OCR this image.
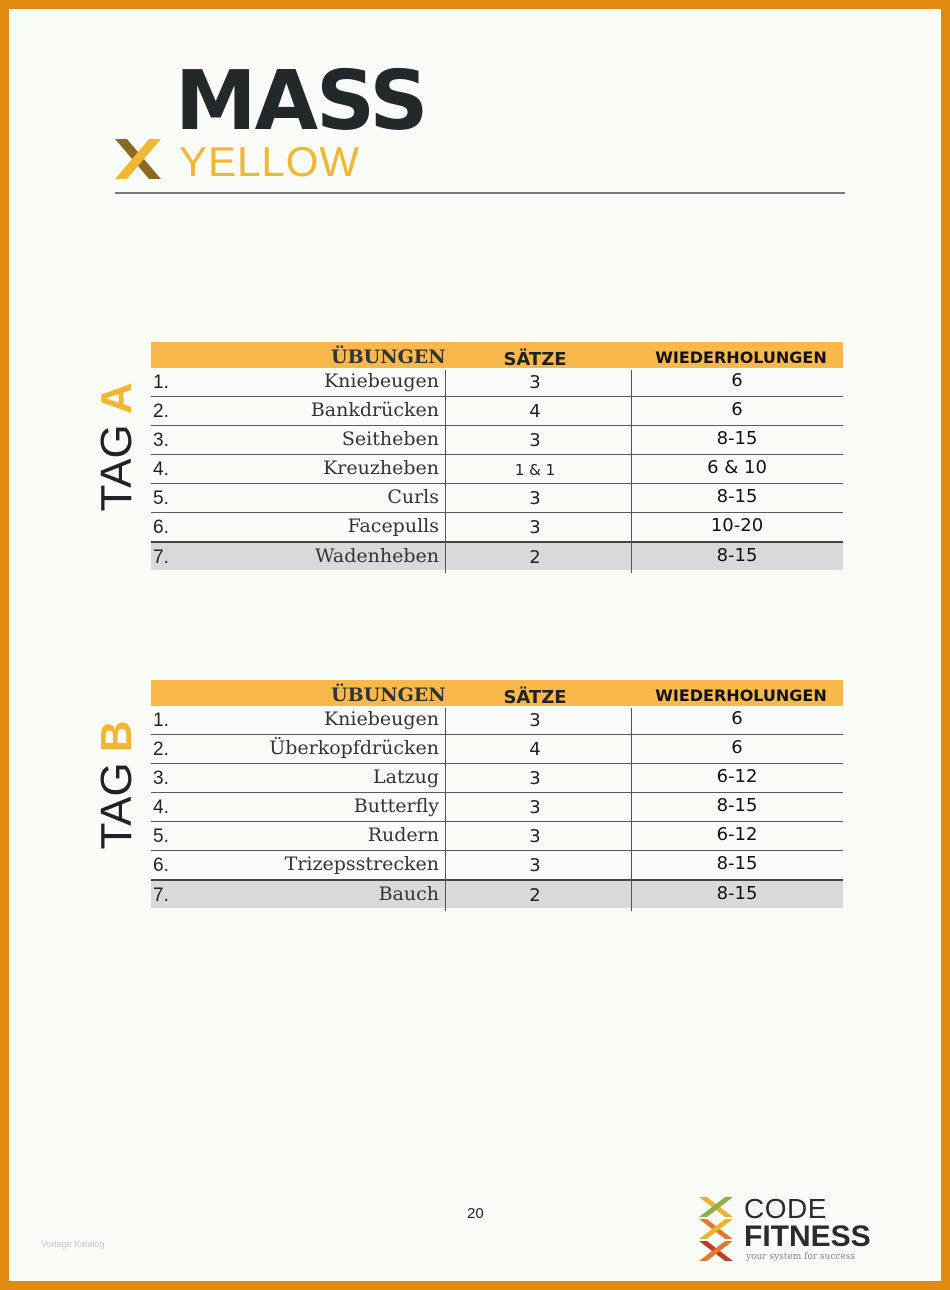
MASS
YELLOW
TAGA
ÜBUNGEN	SÄTZE	WIEDERHOLUNGEN
1.	Kniebeugen	3	6
2.	Bankdrücken	4	6
3.	Seitheben	3	8-15
4.	Kreuzheben	1 & 1	6 & 10
5.	Curls	3	8-15
6.	Facepulls	3	10-20
7.	Wadenheben	2	8-15
TAGB
ÜBUNGEN	SÄTZE	WIEDERHOLUNGEN
1.	Kniebeugen	3	6
2.	Überkopfdrücken	4	6
3.	Latzug	3	6-12
4.	Butterfly	3	8-15
5.	Rudern	3	6-12
6.	Trizepsstrecken	3	8-15
7.	Bauch	2	8-15
20
Vorlage Katalog
CODE
FITNESS
your system for success
